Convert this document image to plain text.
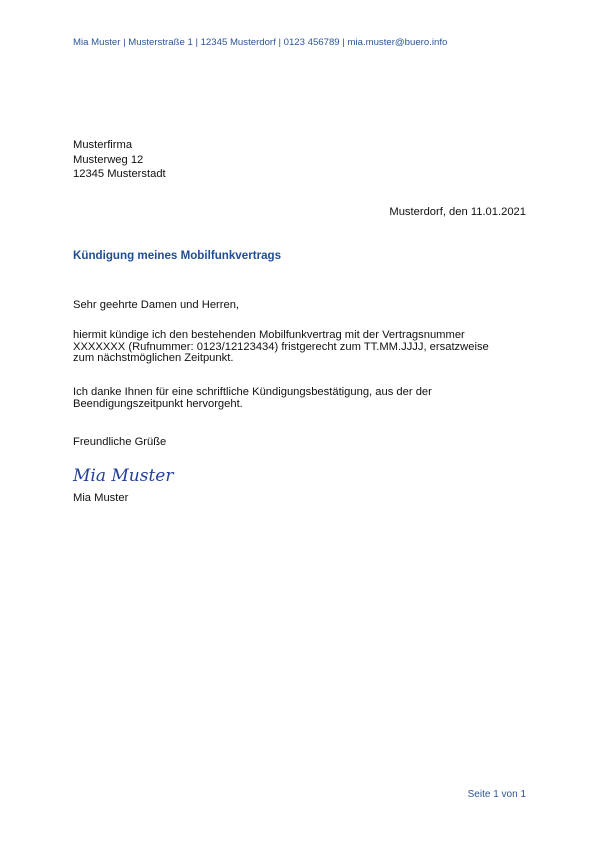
Mia Muster | Musterstraße 1 | 12345 Musterdorf | 0123 456789 | mia.muster@buero.info
Musterfirma
Musterweg 12
12345 Musterstadt
Musterdorf, den 11.01.2021
Kündigung meines Mobilfunkvertrags
Sehr geehrte Damen und Herren,
hiermit kündige ich den bestehenden Mobilfunkvertrag mit der Vertragsnummer
XXXXXXX (Rufnummer: 0123/12123434) fristgerecht zum TT.MM.JJJJ, ersatzweise
zum nächstmöglichen Zeitpunkt.
Ich danke Ihnen für eine schriftliche Kündigungsbestätigung, aus der der
Beendigungszeitpunkt hervorgeht.
Freundliche Grüße
Mia Muster
Mia Muster
Seite 1 von 1
